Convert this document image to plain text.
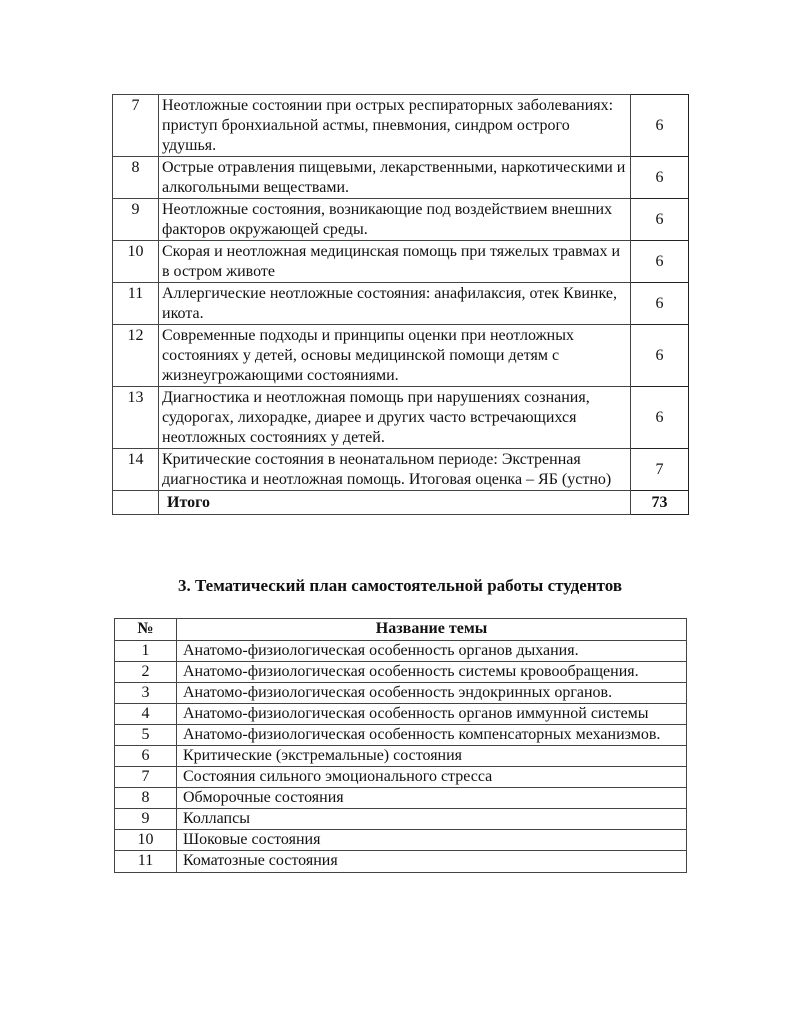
7	Неотложные состоянии при острых респираторных заболеваниях: приступ бронхиальной астмы, пневмония, синдром острого удушья.	6
8	Острые отравления пищевыми, лекарственными, наркотическими и алкогольными веществами.	6
9	Неотложные состояния, возникающие под воздействием внешних факторов окружающей среды.	6
10	Скорая и неотложная медицинская помощь при тяжелых травмах и в остром животе	6
11	Аллергические неотложные состояния: анафилаксия, отек Квинке, икота.	6
12	Современные подходы и принципы оценки при неотложных состояниях у детей, основы медицинской помощи детям с жизнеугрожающими состояниями.	6
13	Диагностика и неотложная помощь при нарушениях сознания, судорогах, лихорадке, диарее и других часто встречающихся неотложных состояниях у детей.	6
14	Критические состояния в неонатальном периоде: Экстренная диагностика и неотложная помощь. Итоговая оценка – ЯБ (устно)	7
	Итого	73
3. Тематический план самостоятельной работы студентов
№	Название темы
1	Анатомо-физиологическая особенность органов дыхания.
2	Анатомо-физиологическая особенность системы кровообращения.
3	Анатомо-физиологическая особенность эндокринных органов.
4	Анатомо-физиологическая особенность органов иммунной системы
5	Анатомо-физиологическая особенность компенсаторных механизмов.
6	Критические (экстремальные) состояния
7	Состояния сильного эмоционального стресса
8	Обморочные состояния
9	Коллапсы
10	Шоковые состояния

11	Коматозные состояния
